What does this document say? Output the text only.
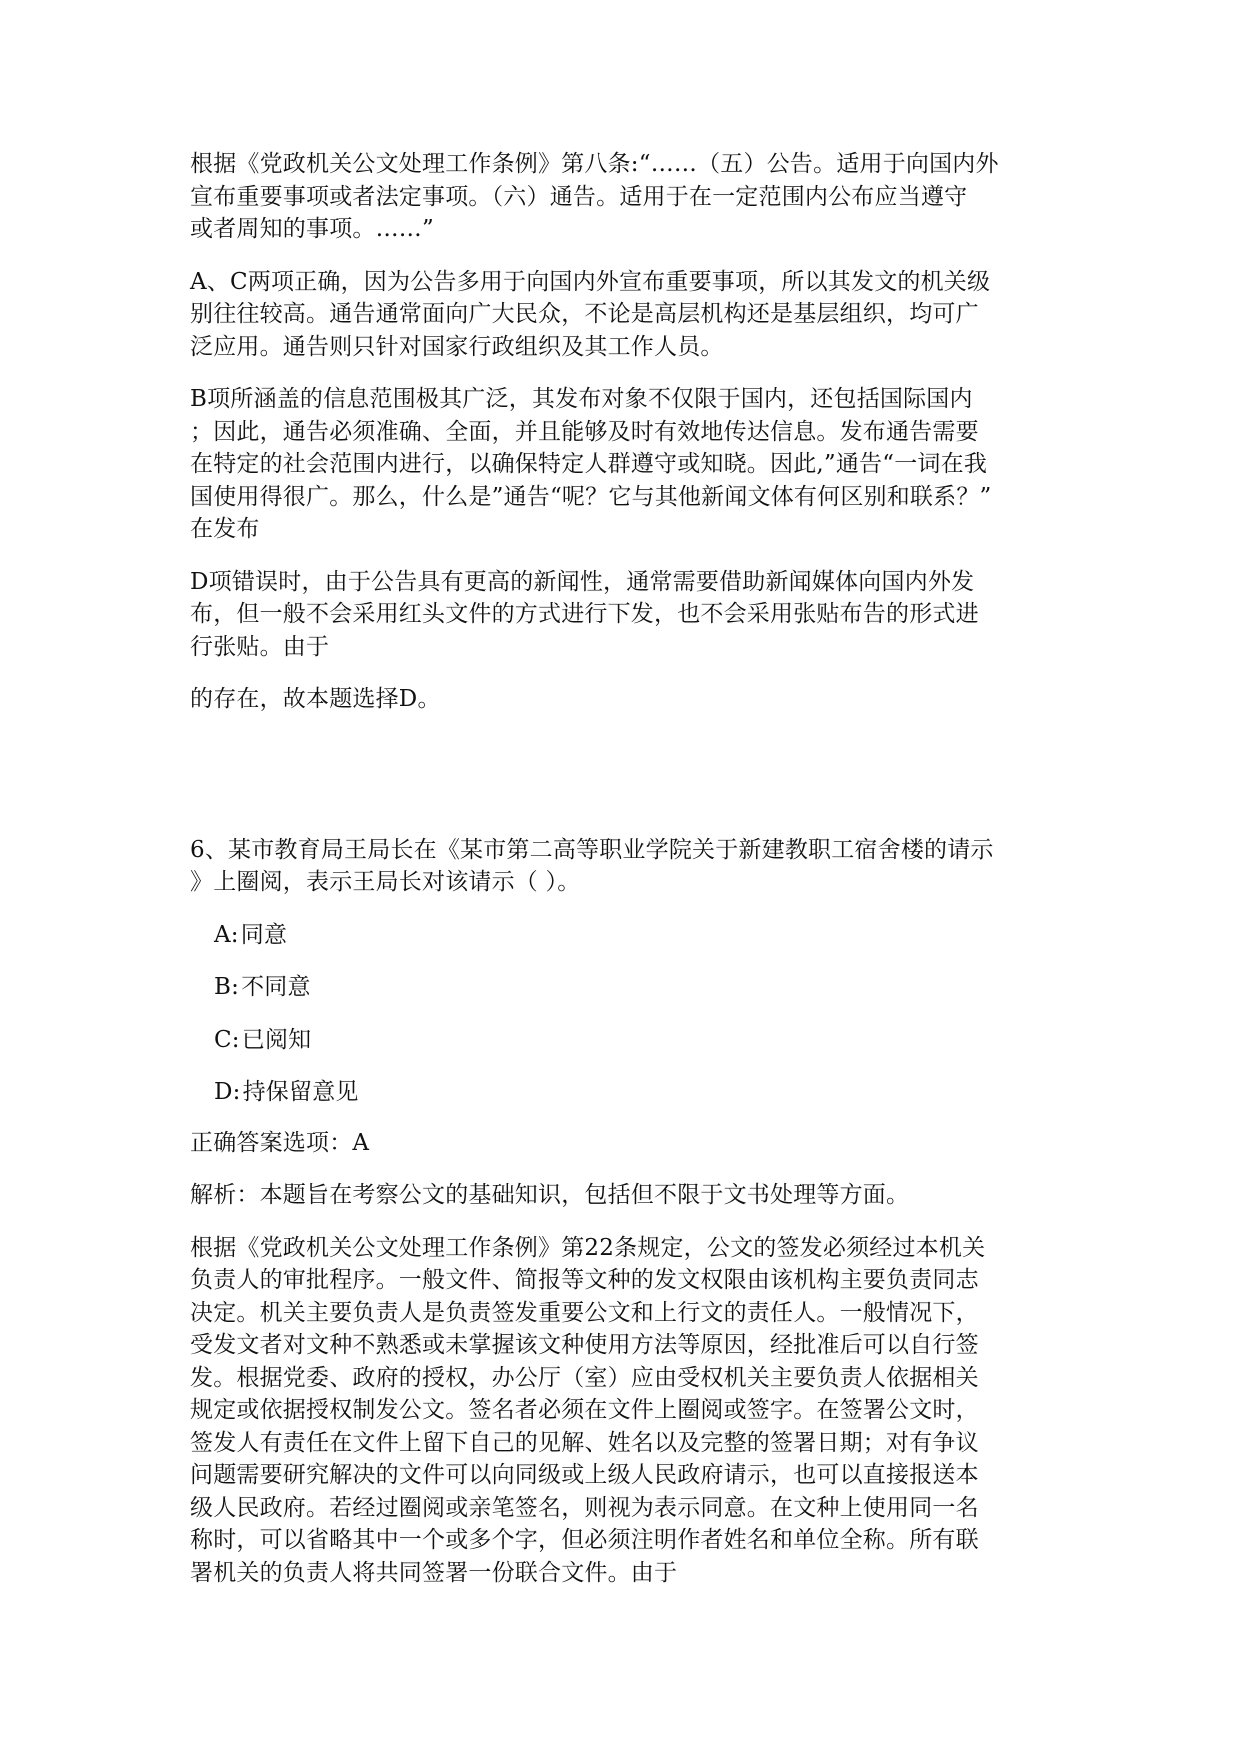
根据《党政机关公文处理工作条例》第八条:“……（五）公告。适用于向国内外
宣布重要事项或者法定事项。（六）通告。适用于在一定范围内公布应当遵守
或者周知的事项。……”

A、C两项正确，因为公告多用于向国内外宣布重要事项，所以其发文的机关级
别往往较高。通告通常面向广大民众，不论是高层机构还是基层组织，均可广
泛应用。通告则只针对国家行政组织及其工作人员。

B项所涵盖的信息范围极其广泛，其发布对象不仅限于国内，还包括国际国内
；因此，通告必须准确、全面，并且能够及时有效地传达信息。发布通告需要
在特定的社会范围内进行，以确保特定人群遵守或知晓。因此,”通告“一词在我
国使用得很广。那么，什么是”通告“呢？它与其他新闻文体有何区别和联系？”
在发布

D项错误时，由于公告具有更高的新闻性，通常需要借助新闻媒体向国内外发
布，但一般不会采用红头文件的方式进行下发，也不会采用张贴布告的形式进
行张贴。由于

的存在，故本题选择D。

6、某市教育局王局长在《某市第二高等职业学院关于新建教职工宿舍楼的请示
》上圈阅，表示王局长对该请示（ ）。

A:同意

B:不同意

C:已阅知

D:持保留意见

正确答案选项：A

解析：本题旨在考察公文的基础知识，包括但不限于文书处理等方面。

根据《党政机关公文处理工作条例》第22条规定，公文的签发必须经过本机关
负责人的审批程序。一般文件、简报等文种的发文权限由该机构主要负责同志
决定。机关主要负责人是负责签发重要公文和上行文的责任人。一般情况下，
受发文者对文种不熟悉或未掌握该文种使用方法等原因，经批准后可以自行签
发。根据党委、政府的授权，办公厅（室）应由受权机关主要负责人依据相关
规定或依据授权制发公文。签名者必须在文件上圈阅或签字。在签署公文时，
签发人有责任在文件上留下自己的见解、姓名以及完整的签署日期；对有争议
问题需要研究解决的文件可以向同级或上级人民政府请示，也可以直接报送本
级人民政府。若经过圈阅或亲笔签名，则视为表示同意。在文种上使用同一名
称时，可以省略其中一个或多个字，但必须注明作者姓名和单位全称。所有联
署机关的负责人将共同签署一份联合文件。由于
